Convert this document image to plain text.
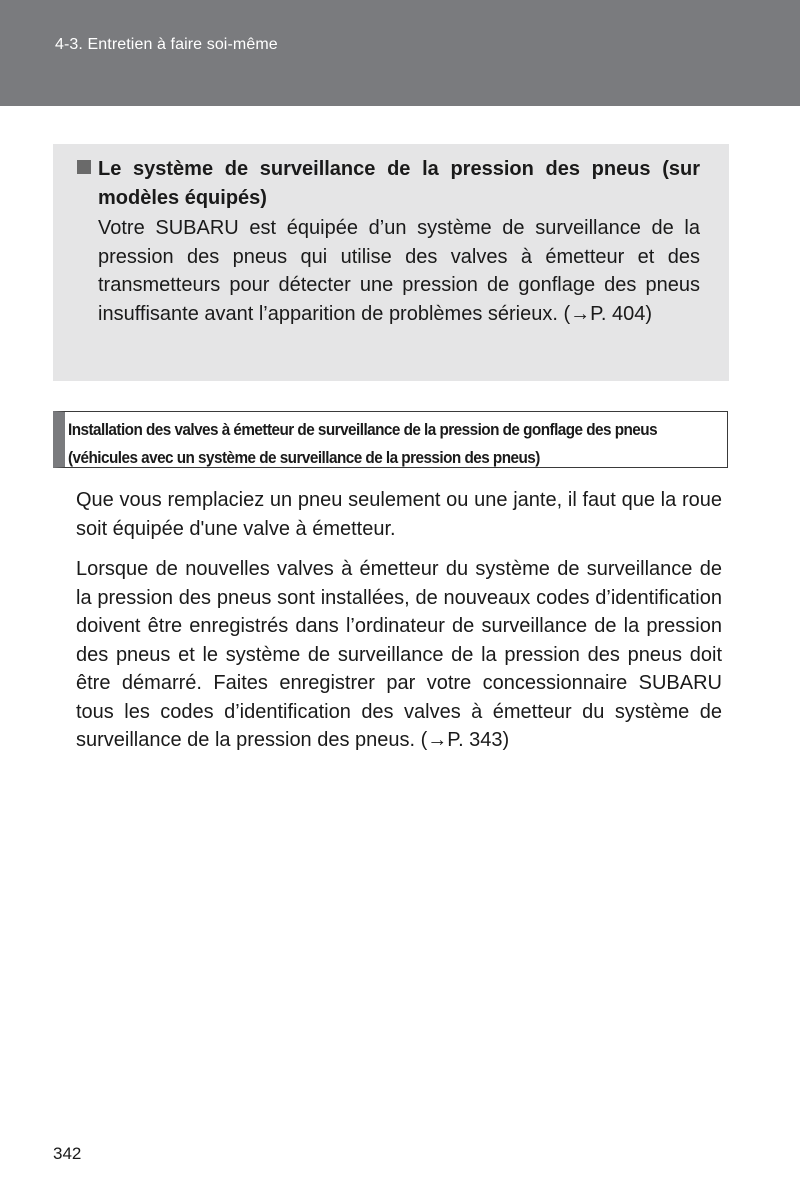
4-3. Entretien à faire soi-même
Le système de surveillance de la pression des pneus (sur modèles équipés)
Votre SUBARU est équipée d’un système de surveillance de la pression des pneus qui utilise des valves à émetteur et des transmetteurs pour détecter une pression de gonflage des pneus insuffisante avant l’apparition de problèmes sérieux. (→P. 404)
Installation des valves à émetteur de surveillance de la pression de gonflage des pneus
(véhicules avec un système de surveillance de la pression des pneus)
Que vous remplaciez un pneu seulement ou une jante, il faut que la roue soit équipée d'une valve à émetteur.
Lorsque de nouvelles valves à émetteur du système de surveillance de la pression des pneus sont installées, de nouveaux codes d’identification doivent être enregistrés dans l’ordinateur de surveillance de la pression des pneus et le système de surveillance de la pression des pneus doit être démarré. Faites enregistrer par votre concessionnaire SUBARU tous les codes d’identification des valves à émetteur du système de surveillance de la pression des pneus. (→P. 343)
342
